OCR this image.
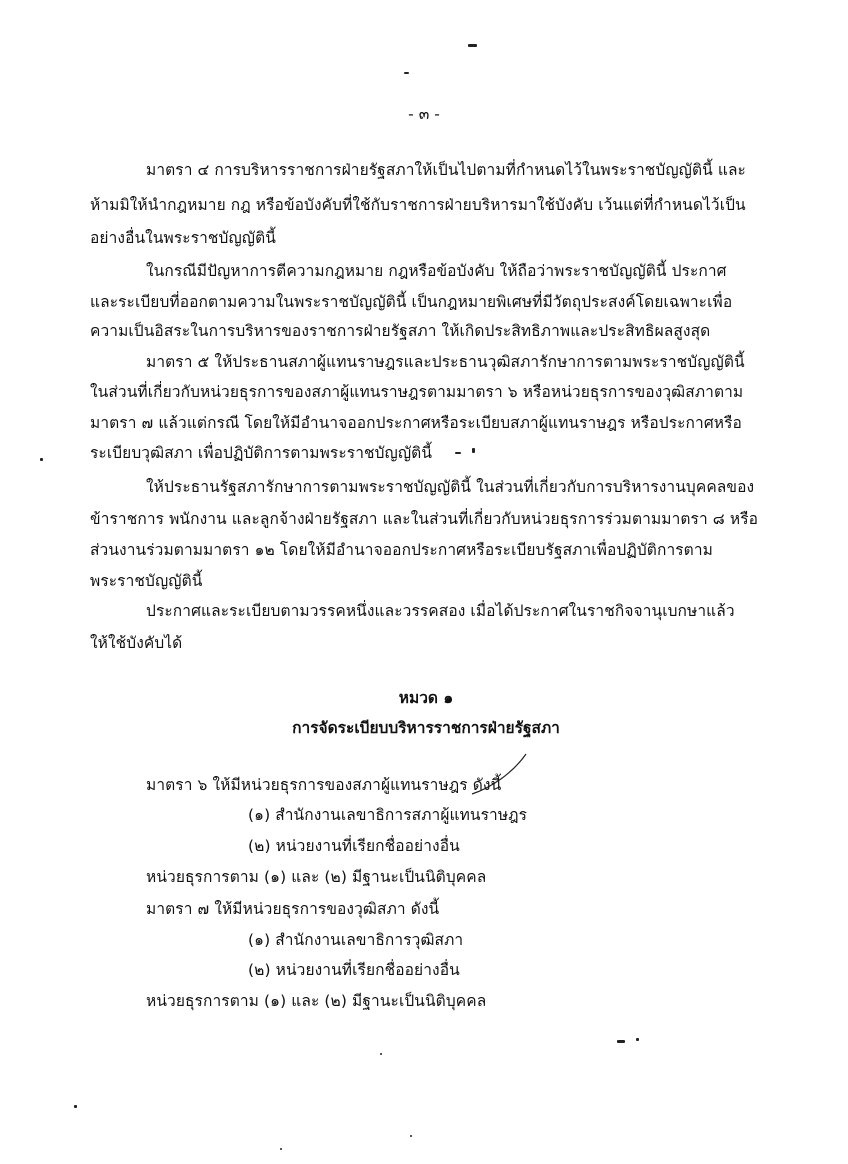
- ๓ -
มาตรา ๔ การบริหารราชการฝ่ายรัฐสภาให้เป็นไปตามที่กำหนดไว้ในพระราชบัญญัตินี้ และ
ห้ามมิให้นำกฎหมาย กฎ หรือข้อบังคับที่ใช้กับราชการฝ่ายบริหารมาใช้บังคับ เว้นแต่ที่กำหนดไว้เป็น
อย่างอื่นในพระราชบัญญัตินี้
ในกรณีมีปัญหาการตีความกฎหมาย กฎหรือข้อบังคับ ให้ถือว่าพระราชบัญญัตินี้ ประกาศ
และระเบียบที่ออกตามความในพระราชบัญญัตินี้ เป็นกฎหมายพิเศษที่มีวัตถุประสงค์โดยเฉพาะเพื่อ
ความเป็นอิสระในการบริหารของราชการฝ่ายรัฐสภา ให้เกิดประสิทธิภาพและประสิทธิผลสูงสุด
มาตรา ๕ ให้ประธานสภาผู้แทนราษฎรและประธานวุฒิสภารักษาการตามพระราชบัญญัตินี้
ในส่วนที่เกี่ยวกับหน่วยธุรการของสภาผู้แทนราษฎรตามมาตรา ๖ หรือหน่วยธุรการของวุฒิสภาตาม
มาตรา ๗ แล้วแต่กรณี โดยให้มีอำนาจออกประกาศหรือระเบียบสภาผู้แทนราษฎร หรือประกาศหรือ
ระเบียบวุฒิสภา เพื่อปฏิบัติการตามพระราชบัญญัตินี้
ให้ประธานรัฐสภารักษาการตามพระราชบัญญัตินี้ ในส่วนที่เกี่ยวกับการบริหารงานบุคคลของ
ข้าราชการ พนักงาน และลูกจ้างฝ่ายรัฐสภา และในส่วนที่เกี่ยวกับหน่วยธุรการร่วมตามมาตรา ๘ หรือ
ส่วนงานร่วมตามมาตรา ๑๒ โดยให้มีอำนาจออกประกาศหรือระเบียบรัฐสภาเพื่อปฏิบัติการตาม
พระราชบัญญัตินี้
ประกาศและระเบียบตามวรรคหนึ่งและวรรคสอง เมื่อได้ประกาศในราชกิจจานุเบกษาแล้ว
ให้ใช้บังคับได้
หมวด ๑
การจัดระเบียบบริหารราชการฝ่ายรัฐสภา
มาตรา ๖ ให้มีหน่วยธุรการของสภาผู้แทนราษฎร ดังนี้
(๑) สำนักงานเลขาธิการสภาผู้แทนราษฎร
(๒) หน่วยงานที่เรียกชื่ออย่างอื่น
หน่วยธุรการตาม (๑) และ (๒) มีฐานะเป็นนิติบุคคล
มาตรา ๗ ให้มีหน่วยธุรการของวุฒิสภา ดังนี้
(๑) สำนักงานเลขาธิการวุฒิสภา
(๒) หน่วยงานที่เรียกชื่ออย่างอื่น
หน่วยธุรการตาม (๑) และ (๒) มีฐานะเป็นนิติบุคคล
